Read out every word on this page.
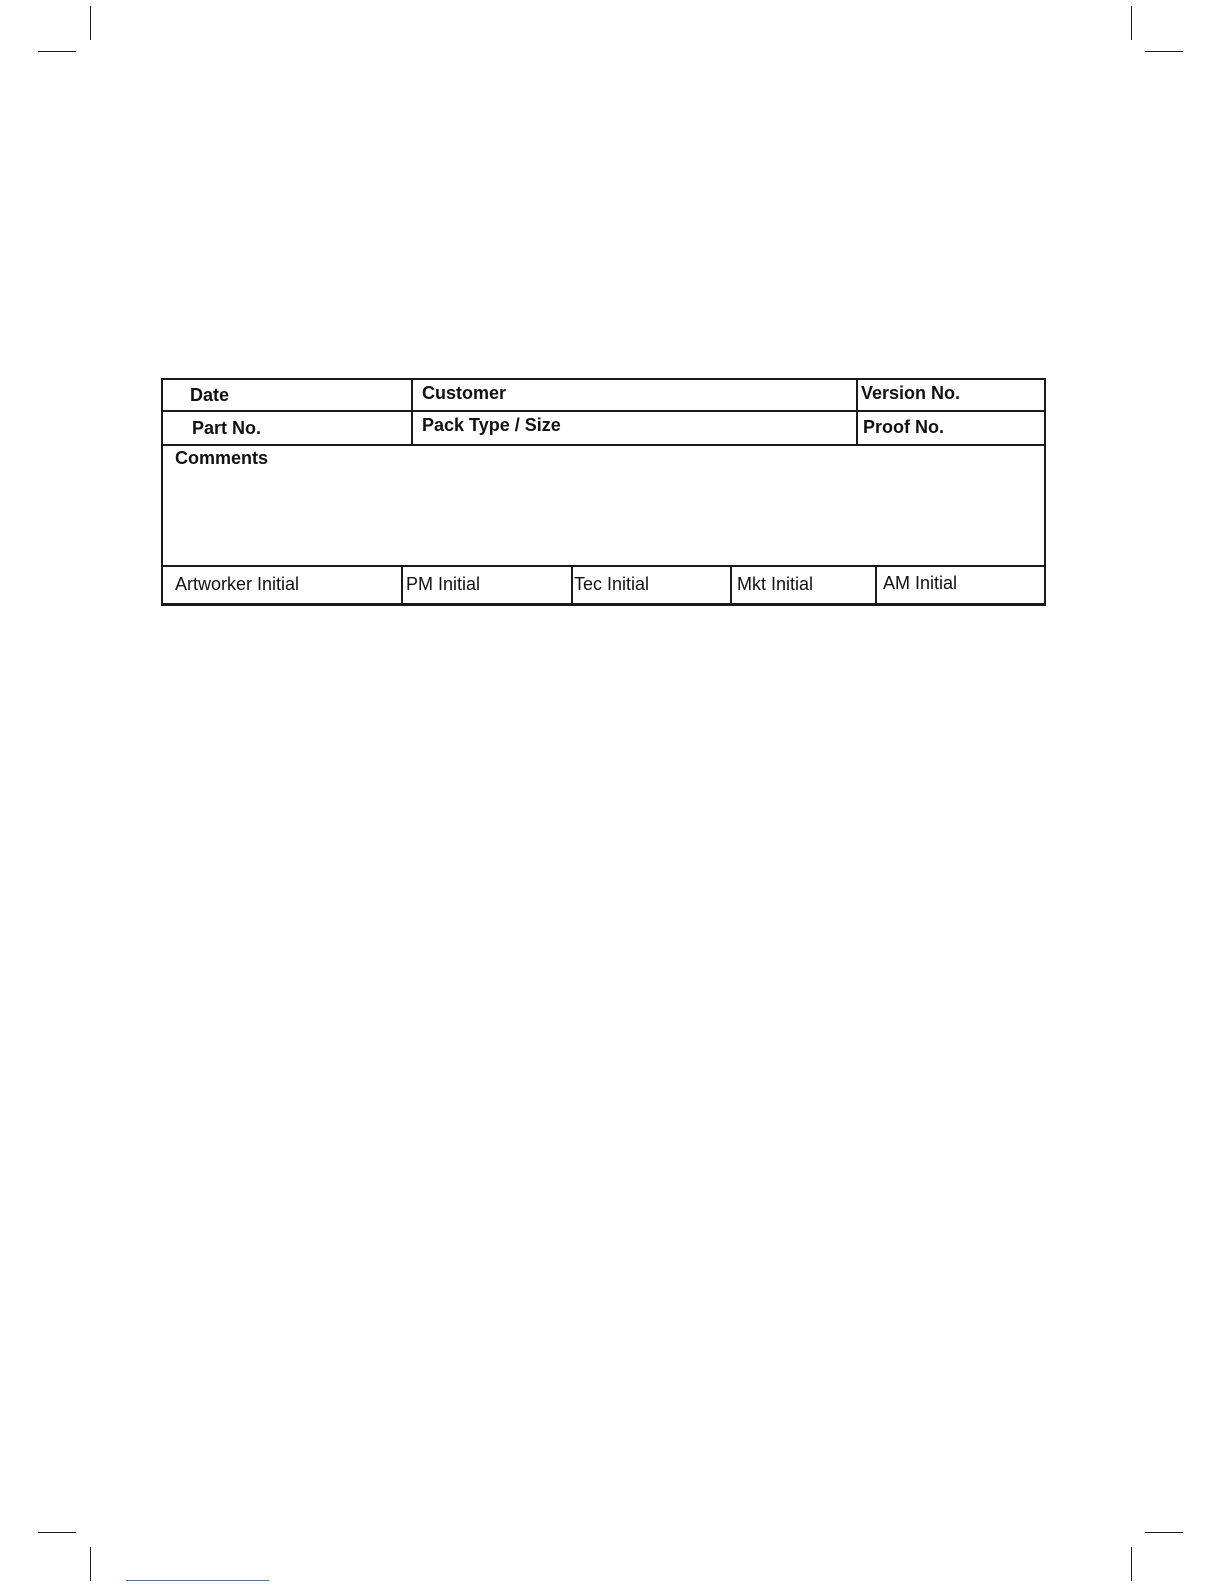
Date	Customer	Version No.
Part No.	Pack Type / Size	Proof No.
Comments
Artworker Initial	PM Initial	Tec Initial	Mkt Initial	AM Initial
